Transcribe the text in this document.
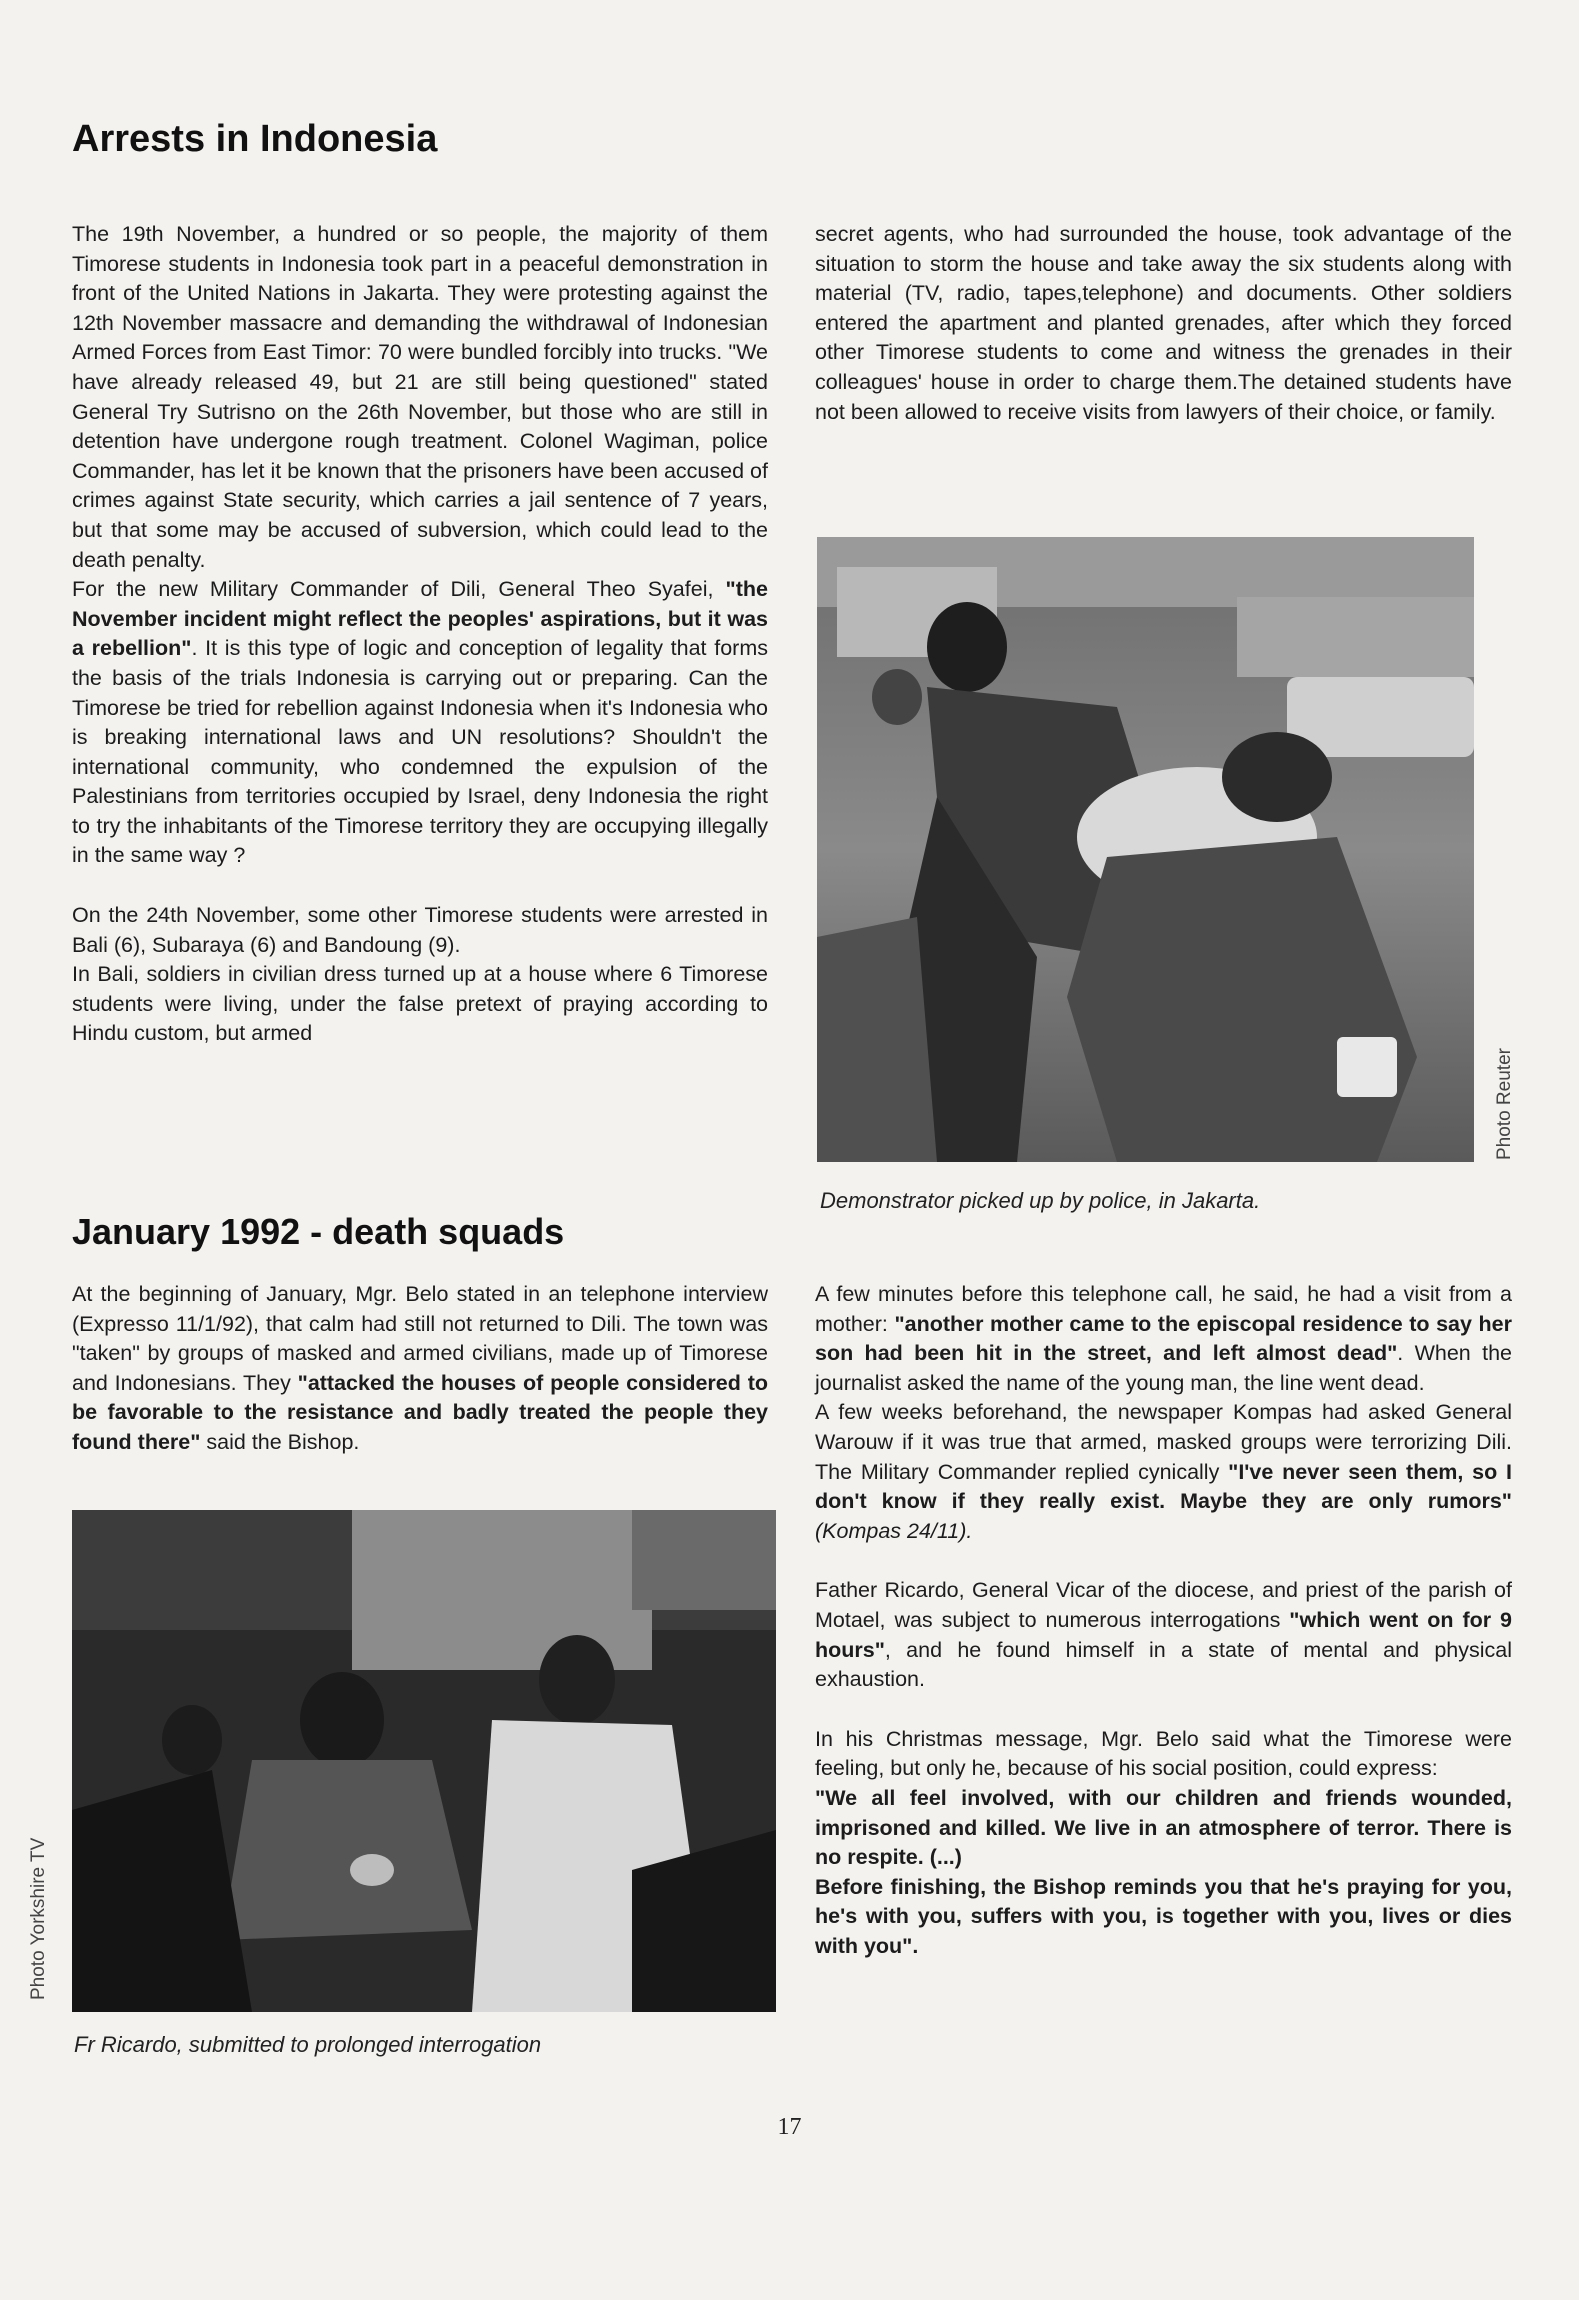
Arrests in Indonesia

The 19th November, a hundred or so people, the majority of them Timorese students in Indonesia took part in a peaceful demonstration in front of the United Nations in Jakarta. They were protesting against the 12th November massacre and demanding the withdrawal of Indonesian Armed Forces from East Timor: 70 were bundled forcibly into trucks. "We have already released 49, but 21 are still being questioned" stated General Try Sutrisno on the 26th November, but those who are still in detention have undergone rough treatment. Colonel Wagiman, police Commander, has let it be known that the prisoners have been accused of crimes against State security, which carries a jail sentence of 7 years, but that some may be accused of subversion, which could lead to the death penalty.

For the new Military Commander of Dili, General Theo Syafei, "the November incident might reflect the peoples' aspirations, but it was a rebellion". It is this type of logic and conception of legality that forms the basis of the trials Indonesia is carrying out or preparing. Can the Timorese be tried for rebellion against Indonesia when it's Indonesia who is breaking international laws and UN resolutions? Shouldn't the international community, who condemned the expulsion of the Palestinians from territories occupied by Israel, deny Indonesia the right to try the inhabitants of the Timorese territory they are occupying illegally in the same way ?

On the 24th November, some other Timorese students were arrested in Bali (6), Subaraya (6) and Bandoung (9).

In Bali, soldiers in civilian dress turned up at a house where 6 Timorese students were living, under the false pretext of praying according to Hindu custom, but armed

secret agents, who had surrounded the house, took advantage of the situation to storm the house and take away the six students along with material (TV, radio, tapes,telephone) and documents. Other soldiers entered the apartment and planted grenades, after which they forced other Timorese students to come and witness the grenades in their colleagues' house in order to charge them.The detained students have not been allowed to receive visits from lawyers of their choice, or family.

Demonstrator picked up by police, in Jakarta.

Photo Reuter
January 1992 - death squads

At the beginning of January, Mgr. Belo stated in an telephone interview (Expresso 11/1/92), that calm had still not returned to Dili. The town was "taken" by groups of masked and armed civilians, made up of Timorese and Indonesians. They "attacked the houses of people considered to be favorable to the resistance and badly treated the people they found there" said the Bishop.

Fr Ricardo, submitted to prolonged interrogation

Photo Yorkshire TV

A few minutes before this telephone call, he said, he had a visit from a mother: "another mother came to the episcopal residence to say her son had been hit in the street, and left almost dead". When the journalist asked the name of the young man, the line went dead.

A few weeks beforehand, the newspaper Kompas had asked General Warouw if it was true that armed, masked groups were terrorizing Dili. The Military Commander replied cynically "I've never seen them, so I don't know if they really exist. Maybe they are only rumors" (Kompas 24/11).

Father Ricardo, General Vicar of the diocese, and priest of the parish of Motael, was subject to numerous interrogations "which went on for 9 hours", and he found himself in a state of mental and physical exhaustion.

In his Christmas message, Mgr. Belo said what the Timorese were feeling, but only he, because of his social position, could express:

"We all feel involved, with our children and friends wounded, imprisoned and killed. We live in an atmosphere of terror. There is no respite. (...)

Before finishing, the Bishop reminds you that he's praying for you, he's with you, suffers with you, is together with you, lives or dies with you".

17
